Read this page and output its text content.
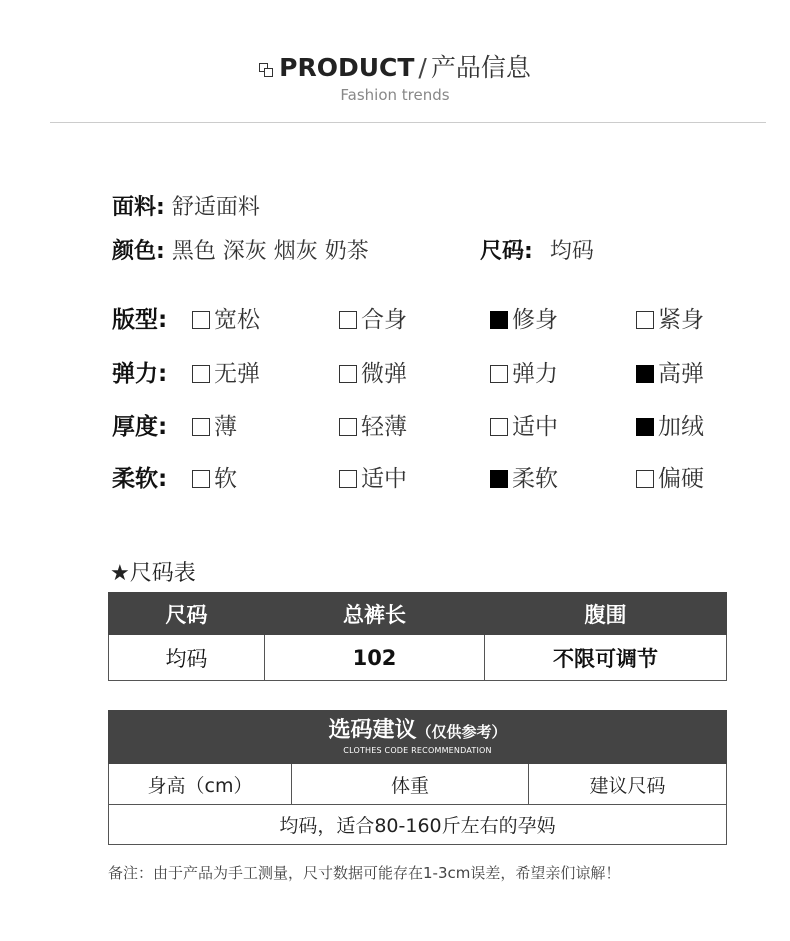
PRODUCT / 产品信息
Fashion trends
面料: 舒适面料
颜色: 黑色 深灰 烟灰 奶茶	尺码: 均码
版型:	宽松	合身	修身	紧身
弹力:	无弹	微弹	弹力	高弹
厚度:	薄	轻薄	适中	加绒
柔软:	软	适中	柔软	偏硬
★尺码表
尺码	总裤长	腹围
均码	102	不限可调节
选码建议（仅供参考）
CLOTHES CODE RECOMMENDATION

身高（cm）	体重	建议尺码
均码，适合80-160斤左右的孕妈
备注：由于产品为手工测量，尺寸数据可能存在1-3cm误差，希望亲们谅解！
